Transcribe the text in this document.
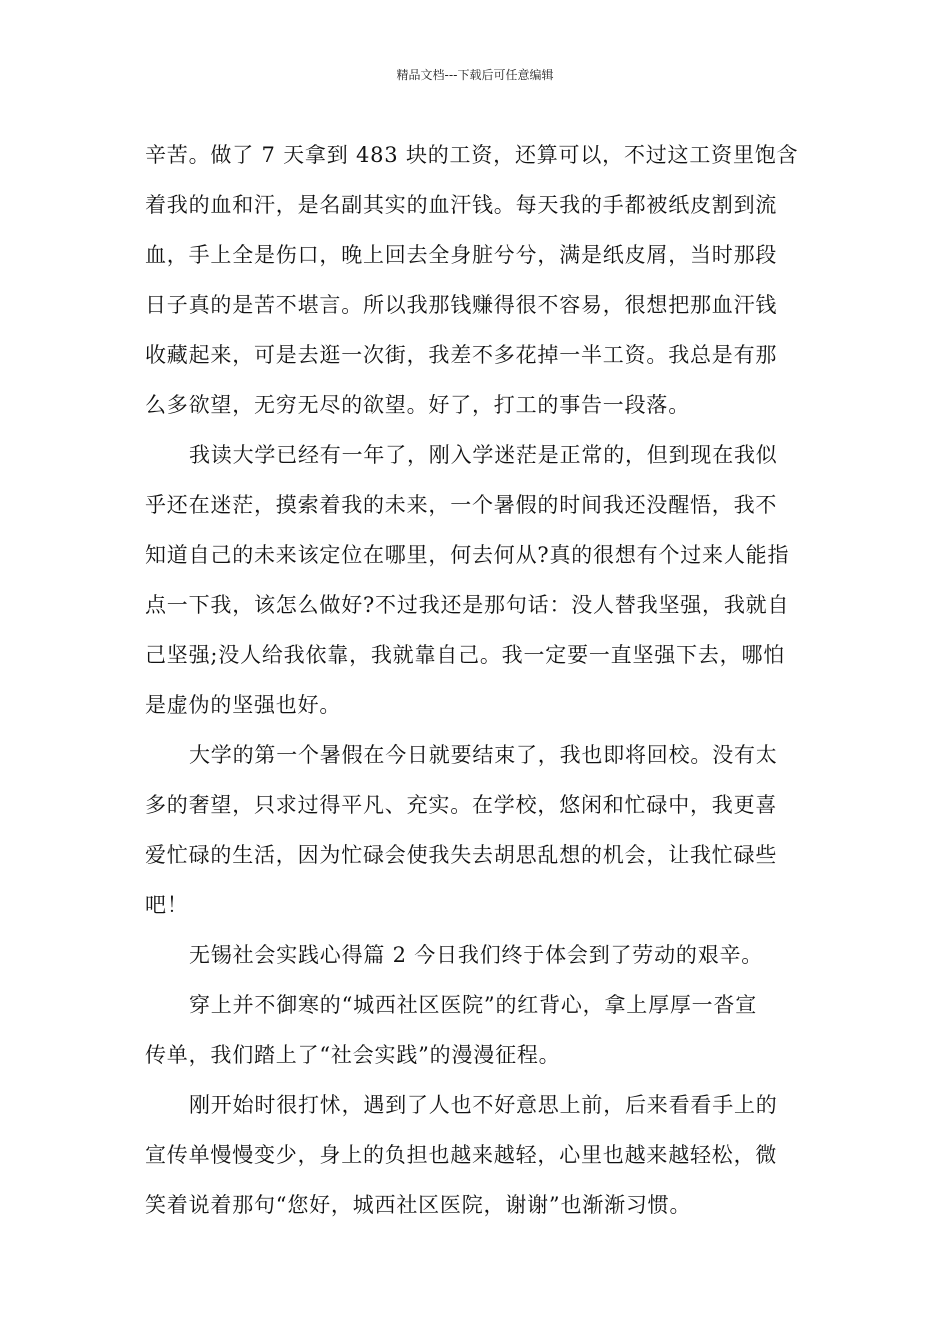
精品文档---下载后可任意编辑
辛苦。做了 7 天拿到 483 块的工资，还算可以，不过这工资里饱含
着我的血和汗，是名副其实的血汗钱。每天我的手都被纸皮割到流
血，手上全是伤口，晚上回去全身脏兮兮，满是纸皮屑，当时那段
日子真的是苦不堪言。所以我那钱赚得很不容易，很想把那血汗钱
收藏起来，可是去逛一次街，我差不多花掉一半工资。我总是有那
么多欲望，无穷无尽的欲望。好了，打工的事告一段落。
我读大学已经有一年了，刚入学迷茫是正常的，但到现在我似
乎还在迷茫，摸索着我的未来，一个暑假的时间我还没醒悟，我不
知道自己的未来该定位在哪里，何去何从?真的很想有个过来人能指
点一下我，该怎么做好?不过我还是那句话：没人替我坚强，我就自
己坚强;没人给我依靠，我就靠自己。我一定要一直坚强下去，哪怕
是虚伪的坚强也好。
大学的第一个暑假在今日就要结束了，我也即将回校。没有太
多的奢望，只求过得平凡、充实。在学校，悠闲和忙碌中，我更喜
爱忙碌的生活，因为忙碌会使我失去胡思乱想的机会，让我忙碌些
吧！
无锡社会实践心得篇 2 今日我们终于体会到了劳动的艰辛。
穿上并不御寒的“城西社区医院”的红背心，拿上厚厚一沓宣
传单，我们踏上了“社会实践”的漫漫征程。
刚开始时很打怵，遇到了人也不好意思上前，后来看看手上的
宣传单慢慢变少，身上的负担也越来越轻，心里也越来越轻松，微
笑着说着那句“您好，城西社区医院，谢谢”也渐渐习惯。
